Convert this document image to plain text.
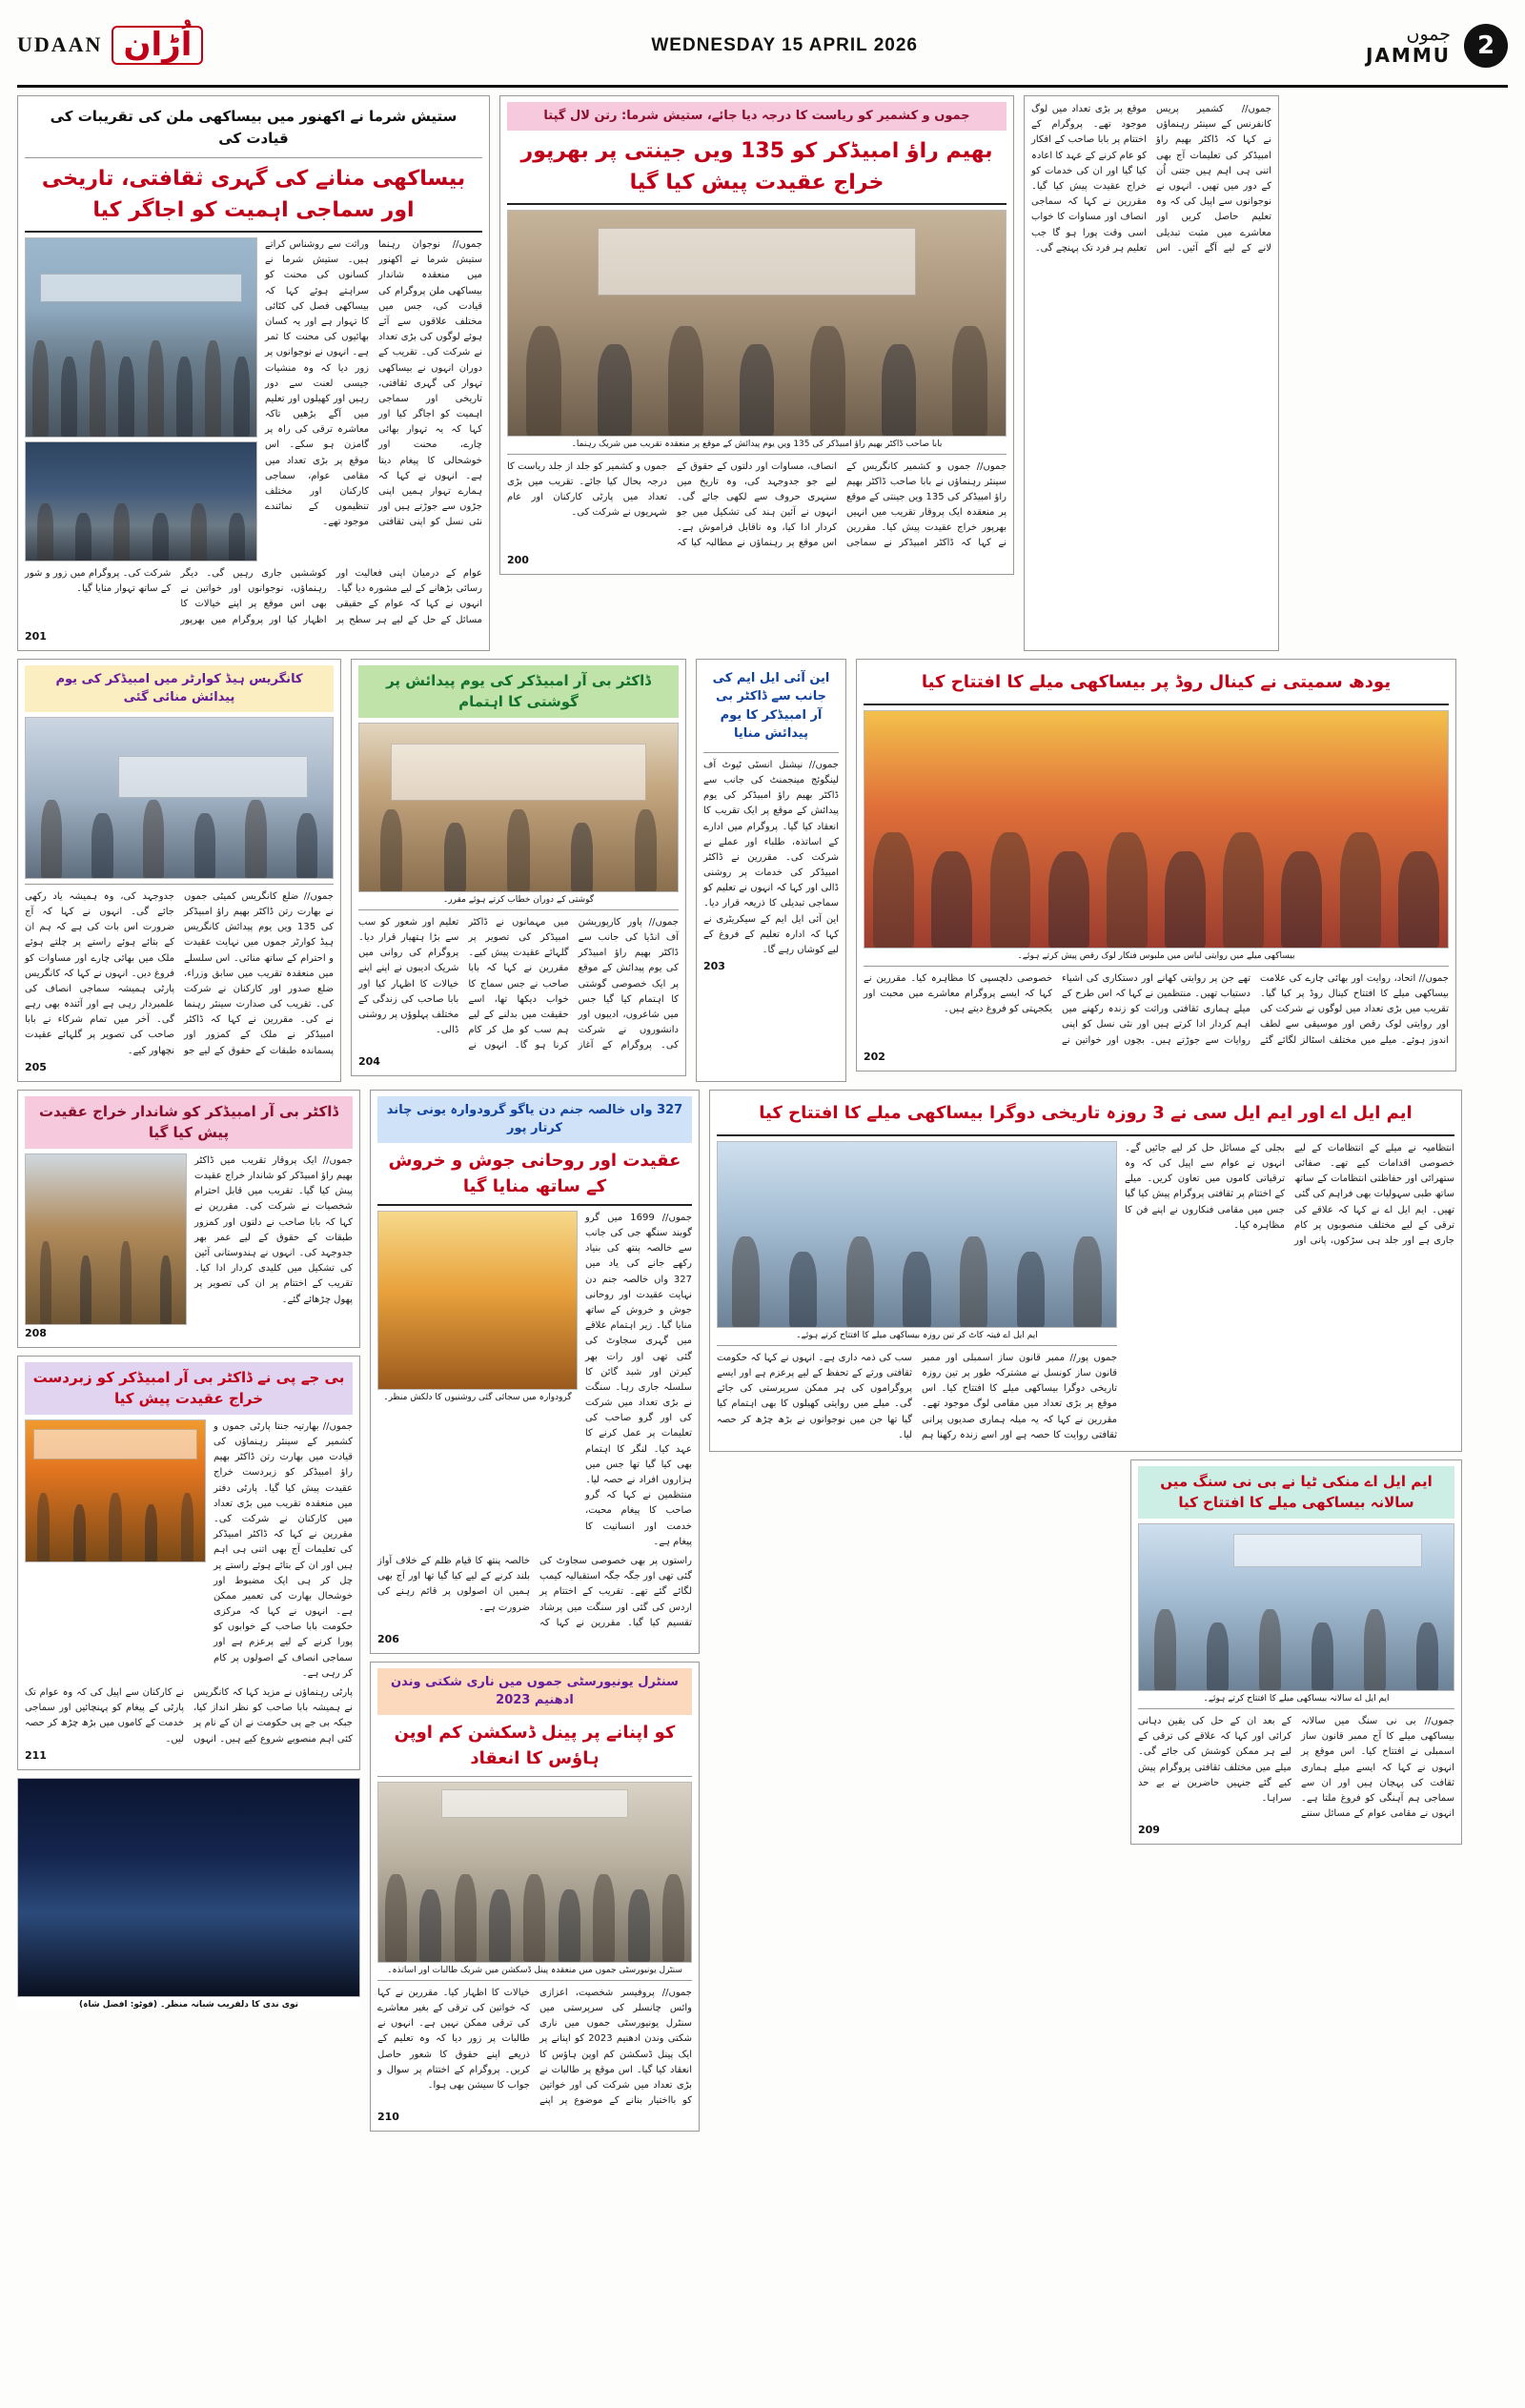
UDAAN اُڑان	WEDNESDAY 15 APRIL 2026	جموں
JAMMU	2
ستیش شرما نے اکھنور میں بیساکھی ملن کی تقریبات کی قیادت کی
بیساکھی منانے کی گہری ثقافتی، تاریخی اور سماجی اہمیت کو اجاگر کیا
جموں// نوجوان رہنما ستیش شرما نے اکھنور میں منعقدہ شاندار بیساکھی ملن پروگرام کی قیادت کی، جس میں مختلف علاقوں سے آئے ہوئے لوگوں کی بڑی تعداد نے شرکت کی۔ تقریب کے دوران انہوں نے بیساکھی تہوار کی گہری ثقافتی، تاریخی اور سماجی اہمیت کو اجاگر کیا اور کہا کہ یہ تہوار بھائی چارے، محنت اور خوشحالی کا پیغام دیتا ہے۔ انہوں نے کہا کہ ہمارے تہوار ہمیں اپنی جڑوں سے جوڑتے ہیں اور نئی نسل کو اپنی ثقافتی وراثت سے روشناس کراتے ہیں۔ ستیش شرما نے کسانوں کی محنت کو سراہتے ہوئے کہا کہ بیساکھی فصل کی کٹائی کا تہوار ہے اور یہ کسان بھائیوں کی محنت کا ثمر ہے۔ انہوں نے نوجوانوں پر زور دیا کہ وہ منشیات جیسی لعنت سے دور رہیں اور کھیلوں اور تعلیم میں آگے بڑھیں تاکہ معاشرہ ترقی کی راہ پر گامزن ہو سکے۔ اس موقع پر بڑی تعداد میں مقامی عوام، سماجی کارکنان اور مختلف تنظیموں کے نمائندے موجود تھے۔
عوام کے درمیان اپنی فعالیت اور رسائی بڑھانے کے لیے مشورہ دیا گیا۔ انہوں نے کہا کہ عوام کے حقیقی مسائل کے حل کے لیے ہر سطح پر کوششیں جاری رہیں گی۔ دیگر رہنماؤں، نوجوانوں اور خواتین نے بھی اس موقع پر اپنے خیالات کا اظہار کیا اور پروگرام میں بھرپور شرکت کی۔ پروگرام میں زور و شور کے ساتھ تہوار منایا گیا۔
201
جموں و کشمیر کو ریاست کا درجہ دیا جائے، ستیش شرما: رتن لال گپتا
بھیم راؤ امبیڈکر کو 135 ویں جینتی پر بھرپور خراج عقیدت پیش کیا گیا
بابا صاحب ڈاکٹر بھیم راؤ امبیڈکر کی 135 ویں یوم پیدائش کے موقع پر منعقدہ تقریب میں شریک رہنما۔
جموں// جموں و کشمیر کانگریس کے سینئر رہنماؤں نے بابا صاحب ڈاکٹر بھیم راؤ امبیڈکر کی 135 ویں جینتی کے موقع پر منعقدہ ایک پروقار تقریب میں انہیں بھرپور خراج عقیدت پیش کیا۔ مقررین نے کہا کہ ڈاکٹر امبیڈکر نے سماجی انصاف، مساوات اور دلتوں کے حقوق کے لیے جو جدوجہد کی، وہ تاریخ میں سنہری حروف سے لکھی جائے گی۔ انہوں نے آئین ہند کی تشکیل میں جو کردار ادا کیا، وہ ناقابل فراموش ہے۔ اس موقع پر رہنماؤں نے مطالبہ کیا کہ جموں و کشمیر کو جلد از جلد ریاست کا درجہ بحال کیا جائے۔ تقریب میں بڑی تعداد میں پارٹی کارکنان اور عام شہریوں نے شرکت کی۔
200
جموں// کشمیر پریس کانفرنس کے سینئر رہنماؤں نے کہا کہ ڈاکٹر بھیم راؤ امبیڈکر کی تعلیمات آج بھی اتنی ہی اہم ہیں جتنی اُن کے دور میں تھیں۔ انہوں نے نوجوانوں سے اپیل کی کہ وہ تعلیم حاصل کریں اور معاشرے میں مثبت تبدیلی لانے کے لیے آگے آئیں۔ اس موقع پر بڑی تعداد میں لوگ موجود تھے۔ پروگرام کے اختتام پر بابا صاحب کے افکار کو عام کرنے کے عہد کا اعادہ کیا گیا اور ان کی خدمات کو خراج عقیدت پیش کیا گیا۔ مقررین نے کہا کہ سماجی انصاف اور مساوات کا خواب اسی وقت پورا ہو گا جب تعلیم ہر فرد تک پہنچے گی۔
کانگریس ہیڈ کوارٹر میں امبیڈکر کی یوم پیدائش منائی گئی
جموں// ضلع کانگریس کمیٹی جموں نے بھارت رتن ڈاکٹر بھیم راؤ امبیڈکر کی 135 ویں یوم پیدائش کانگریس ہیڈ کوارٹر جموں میں نہایت عقیدت و احترام کے ساتھ منائی۔ اس سلسلے میں منعقدہ تقریب میں سابق وزراء، ضلع صدور اور کارکنان نے شرکت کی۔ تقریب کی صدارت سینئر رہنما نے کی۔ مقررین نے کہا کہ ڈاکٹر امبیڈکر نے ملک کے کمزور اور پسماندہ طبقات کے حقوق کے لیے جو جدوجہد کی، وہ ہمیشہ یاد رکھی جائے گی۔ انہوں نے کہا کہ آج ضرورت اس بات کی ہے کہ ہم ان کے بتائے ہوئے راستے پر چلتے ہوئے ملک میں بھائی چارے اور مساوات کو فروغ دیں۔ انہوں نے کہا کہ کانگریس پارٹی ہمیشہ سماجی انصاف کی علمبردار رہی ہے اور آئندہ بھی رہے گی۔ آخر میں تمام شرکاء نے بابا صاحب کی تصویر پر گلہائے عقیدت نچھاور کیے۔
205
ڈاکٹر بی آر امبیڈکر کی یوم پیدائش پر گوشتی کا اہتمام
گوشتی کے دوران خطاب کرتے ہوئے مقرر۔
جموں// پاور کارپوریشن آف انڈیا کی جانب سے ڈاکٹر بھیم راؤ امبیڈکر کی یوم پیدائش کے موقع پر ایک خصوصی گوشتی کا اہتمام کیا گیا جس میں شاعروں، ادیبوں اور دانشوروں نے شرکت کی۔ پروگرام کے آغاز میں مہمانوں نے ڈاکٹر امبیڈکر کی تصویر پر گلہائے عقیدت پیش کیے۔ مقررین نے کہا کہ بابا صاحب نے جس سماج کا خواب دیکھا تھا، اسے حقیقت میں بدلنے کے لیے ہم سب کو مل کر کام کرنا ہو گا۔ انہوں نے تعلیم اور شعور کو سب سے بڑا ہتھیار قرار دیا۔ پروگرام کی روانی میں شریک ادیبوں نے اپنے اپنے خیالات کا اظہار کیا اور بابا صاحب کی زندگی کے مختلف پہلوؤں پر روشنی ڈالی۔
204
این آئی ایل ایم کی جانب سے ڈاکٹر بی آر امبیڈکر کا یوم پیدائش منایا
جموں// نیشنل انسٹی ٹیوٹ آف لینگوئج مینجمنٹ کی جانب سے ڈاکٹر بھیم راؤ امبیڈکر کی یوم پیدائش کے موقع پر ایک تقریب کا انعقاد کیا گیا۔ پروگرام میں ادارے کے اساتذہ، طلباء اور عملے نے شرکت کی۔ مقررین نے ڈاکٹر امبیڈکر کی خدمات پر روشنی ڈالی اور کہا کہ انہوں نے تعلیم کو سماجی تبدیلی کا ذریعہ قرار دیا۔ این آئی ایل ایم کے سیکریٹری نے کہا کہ ادارہ تعلیم کے فروغ کے لیے کوشاں رہے گا۔
203
یودھ سمیتی نے کینال روڈ پر بیساکھی میلے کا افتتاح کیا
بیساکھی میلے میں روایتی لباس میں ملبوس فنکار لوک رقص پیش کرتے ہوئے۔
جموں// اتحاد، روایت اور بھائی چارے کی علامت بیساکھی میلے کا افتتاح کینال روڈ پر کیا گیا۔ تقریب میں بڑی تعداد میں لوگوں نے شرکت کی اور روایتی لوک رقص اور موسیقی سے لطف اندوز ہوئے۔ میلے میں مختلف اسٹالز لگائے گئے تھے جن پر روایتی کھانے اور دستکاری کی اشیاء دستیاب تھیں۔ منتظمین نے کہا کہ اس طرح کے میلے ہماری ثقافتی وراثت کو زندہ رکھنے میں اہم کردار ادا کرتے ہیں اور نئی نسل کو اپنی روایات سے جوڑتے ہیں۔ بچوں اور خواتین نے خصوصی دلچسپی کا مظاہرہ کیا۔ مقررین نے کہا کہ ایسے پروگرام معاشرے میں محبت اور یکجہتی کو فروغ دیتے ہیں۔
202
ڈاکٹر بی آر امبیڈکر کو شاندار خراج عقیدت پیش کیا گیا
جموں// ایک پروقار تقریب میں ڈاکٹر بھیم راؤ امبیڈکر کو شاندار خراج عقیدت پیش کیا گیا۔ تقریب میں قابل احترام شخصیات نے شرکت کی۔ مقررین نے کہا کہ بابا صاحب نے دلتوں اور کمزور طبقات کے حقوق کے لیے عمر بھر جدوجہد کی۔ انہوں نے ہندوستانی آئین کی تشکیل میں کلیدی کردار ادا کیا۔ تقریب کے اختتام پر ان کی تصویر پر پھول چڑھائے گئے۔
208
بی جے پی نے ڈاکٹر بی آر امبیڈکر کو زبردست خراج عقیدت پیش کیا
جموں// بھارتیہ جنتا پارٹی جموں و کشمیر کے سینئر رہنماؤں کی قیادت میں بھارت رتن ڈاکٹر بھیم راؤ امبیڈکر کو زبردست خراج عقیدت پیش کیا گیا۔ پارٹی دفتر میں منعقدہ تقریب میں بڑی تعداد میں کارکنان نے شرکت کی۔ مقررین نے کہا کہ ڈاکٹر امبیڈکر کی تعلیمات آج بھی اتنی ہی اہم ہیں اور ان کے بتائے ہوئے راستے پر چل کر ہی ایک مضبوط اور خوشحال بھارت کی تعمیر ممکن ہے۔ انہوں نے کہا کہ مرکزی حکومت بابا صاحب کے خوابوں کو پورا کرنے کے لیے پرعزم ہے اور سماجی انصاف کے اصولوں پر کام کر رہی ہے۔
پارٹی رہنماؤں نے مزید کہا کہ کانگریس نے ہمیشہ بابا صاحب کو نظر انداز کیا، جبکہ بی جے پی حکومت نے ان کے نام پر کئی اہم منصوبے شروع کیے ہیں۔ انہوں نے کارکنان سے اپیل کی کہ وہ عوام تک پارٹی کے پیغام کو پہنچائیں اور سماجی خدمت کے کاموں میں بڑھ چڑھ کر حصہ لیں۔
211
توی ندی کا دلفریب شبانہ منظر۔ (فوٹو: افضل شاہ)
327 واں خالصہ جنم دن یاگو گرودوارہ یونی چاند کرتار پور
عقیدت اور روحانی جوش و خروش کے ساتھ منایا گیا
گرودوارہ میں سجائی گئی روشنیوں کا دلکش منظر۔
جموں// 1699 میں گرو گوبند سنگھ جی کی جانب سے خالصہ پنتھ کی بنیاد رکھے جانے کی یاد میں 327 واں خالصہ جنم دن نہایت عقیدت اور روحانی جوش و خروش کے ساتھ منایا گیا۔ زیر اہتمام علاقے میں گہری سجاوٹ کی گئی تھی اور رات بھر کیرتن اور شبد گائن کا سلسلہ جاری رہا۔ سنگت نے بڑی تعداد میں شرکت کی اور گرو صاحب کی تعلیمات پر عمل کرنے کا عہد کیا۔ لنگر کا اہتمام بھی کیا گیا تھا جس میں ہزاروں افراد نے حصہ لیا۔ منتظمین نے کہا کہ گرو صاحب کا پیغام محبت، خدمت اور انسانیت کا پیغام ہے۔
راستوں پر بھی خصوصی سجاوٹ کی گئی تھی اور جگہ جگہ استقبالیہ کیمپ لگائے گئے تھے۔ تقریب کے اختتام پر اردس کی گئی اور سنگت میں پرشاد تقسیم کیا گیا۔ مقررین نے کہا کہ خالصہ پنتھ کا قیام ظلم کے خلاف آواز بلند کرنے کے لیے کیا گیا تھا اور آج بھی ہمیں ان اصولوں پر قائم رہنے کی ضرورت ہے۔
206
سنٹرل یونیورسٹی جموں میں ناری شکتی وندن ادھنیم 2023
کو اپنانے پر پینل ڈسکشن کم اوپن ہاؤس کا انعقاد
سنٹرل یونیورسٹی جموں میں منعقدہ پینل ڈسکشن میں شریک طالبات اور اساتذہ۔
جموں// پروفیسر شخصیت، اعزازی وائس چانسلر کی سرپرستی میں سنٹرل یونیورسٹی جموں میں ناری شکتی وندن ادھنیم 2023 کو اپنانے پر ایک پینل ڈسکشن کم اوپن ہاؤس کا انعقاد کیا گیا۔ اس موقع پر طالبات نے بڑی تعداد میں شرکت کی اور خواتین کو بااختیار بنانے کے موضوع پر اپنے خیالات کا اظہار کیا۔ مقررین نے کہا کہ خواتین کی ترقی کے بغیر معاشرے کی ترقی ممکن نہیں ہے۔ انہوں نے طالبات پر زور دیا کہ وہ تعلیم کے ذریعے اپنے حقوق کا شعور حاصل کریں۔ پروگرام کے اختتام پر سوال و جواب کا سیشن بھی ہوا۔
210
ایم ایل اے اور ایم ایل سی نے 3 روزہ تاریخی دوگرا بیساکھی میلے کا افتتاح کیا
ایم ایل اے فیتہ کاٹ کر تین روزہ بیساکھی میلے کا افتتاح کرتے ہوئے۔
جموں پور// ممبر قانون ساز اسمبلی اور ممبر قانون ساز کونسل نے مشترکہ طور پر تین روزہ تاریخی دوگرا بیساکھی میلے کا افتتاح کیا۔ اس موقع پر بڑی تعداد میں مقامی لوگ موجود تھے۔ مقررین نے کہا کہ یہ میلہ ہماری صدیوں پرانی ثقافتی روایت کا حصہ ہے اور اسے زندہ رکھنا ہم سب کی ذمہ داری ہے۔ انہوں نے کہا کہ حکومت ثقافتی ورثے کے تحفظ کے لیے پرعزم ہے اور ایسے پروگراموں کی ہر ممکن سرپرستی کی جائے گی۔ میلے میں روایتی کھیلوں کا بھی اہتمام کیا گیا تھا جن میں نوجوانوں نے بڑھ چڑھ کر حصہ لیا۔
انتظامیہ نے میلے کے انتظامات کے لیے خصوصی اقدامات کیے تھے۔ صفائی ستھرائی اور حفاظتی انتظامات کے ساتھ ساتھ طبی سہولیات بھی فراہم کی گئی تھیں۔ ایم ایل اے نے کہا کہ علاقے کی ترقی کے لیے مختلف منصوبوں پر کام جاری ہے اور جلد ہی سڑکوں، پانی اور بجلی کے مسائل حل کر لیے جائیں گے۔ انہوں نے عوام سے اپیل کی کہ وہ ترقیاتی کاموں میں تعاون کریں۔ میلے کے اختتام پر ثقافتی پروگرام پیش کیا گیا جس میں مقامی فنکاروں نے اپنے فن کا مظاہرہ کیا۔
ایم ایل اے منکی ٹیا نے بی نی سنگ میں سالانہ بیساکھی میلے کا افتتاح کیا
ایم ایل اے سالانہ بیساکھی میلے کا افتتاح کرتے ہوئے۔
جموں// بی نی سنگ میں سالانہ بیساکھی میلے کا آج ممبر قانون ساز اسمبلی نے افتتاح کیا۔ اس موقع پر انہوں نے کہا کہ ایسے میلے ہماری ثقافت کی پہچان ہیں اور ان سے سماجی ہم آہنگی کو فروغ ملتا ہے۔ انہوں نے مقامی عوام کے مسائل سننے کے بعد ان کے حل کی یقین دہانی کرائی اور کہا کہ علاقے کی ترقی کے لیے ہر ممکن کوشش کی جائے گی۔ میلے میں مختلف ثقافتی پروگرام پیش کیے گئے جنہیں حاضرین نے بے حد سراہا۔
209
